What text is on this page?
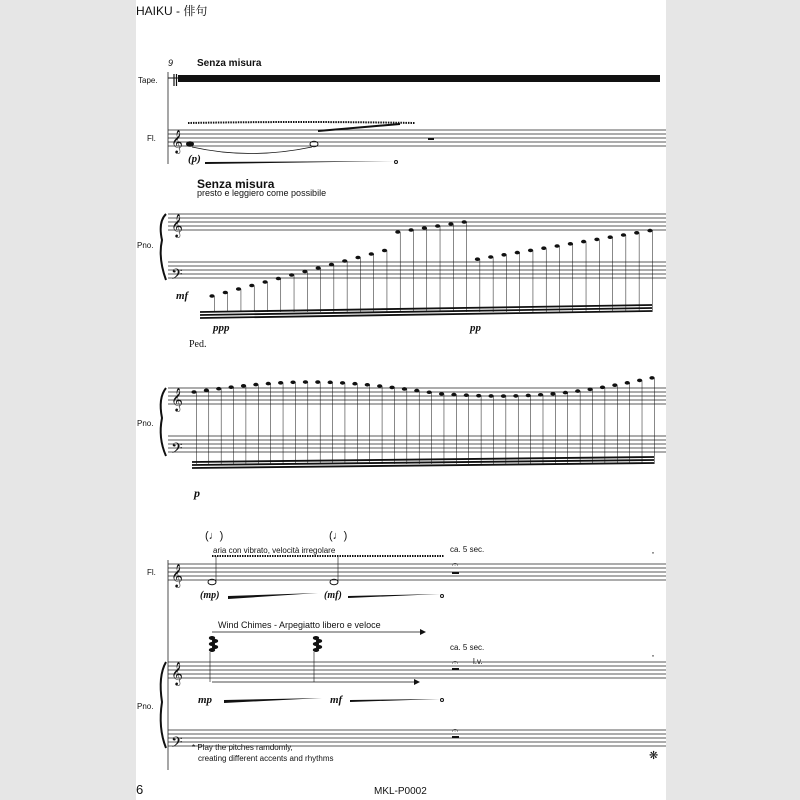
𝄞
𝄞
𝄢
𝄞
𝄢
𝄞	𝄐
𝄞
𝄢
𝄐
𝄐
HAIKU - 俳句
6	MKL-P0002
9 Senza misura
Tape.
Fl.
(p)
Senza misura
presto e leggiero come possibile
Pno.
mf
ppp	pp
Ped.
Pno.
p
(♩)	(♩)
aria con vibrato, velocità irregolare	ca. 5 sec.	·
Fl.
(mp)	(mf)
Wind Chimes - Arpegiatto libero e veloce
ca. 5 sec.
l.v.	·
mp	mf
Pno.
* Play the pitches ramdomly,
creating different accents and rhythms	❋
